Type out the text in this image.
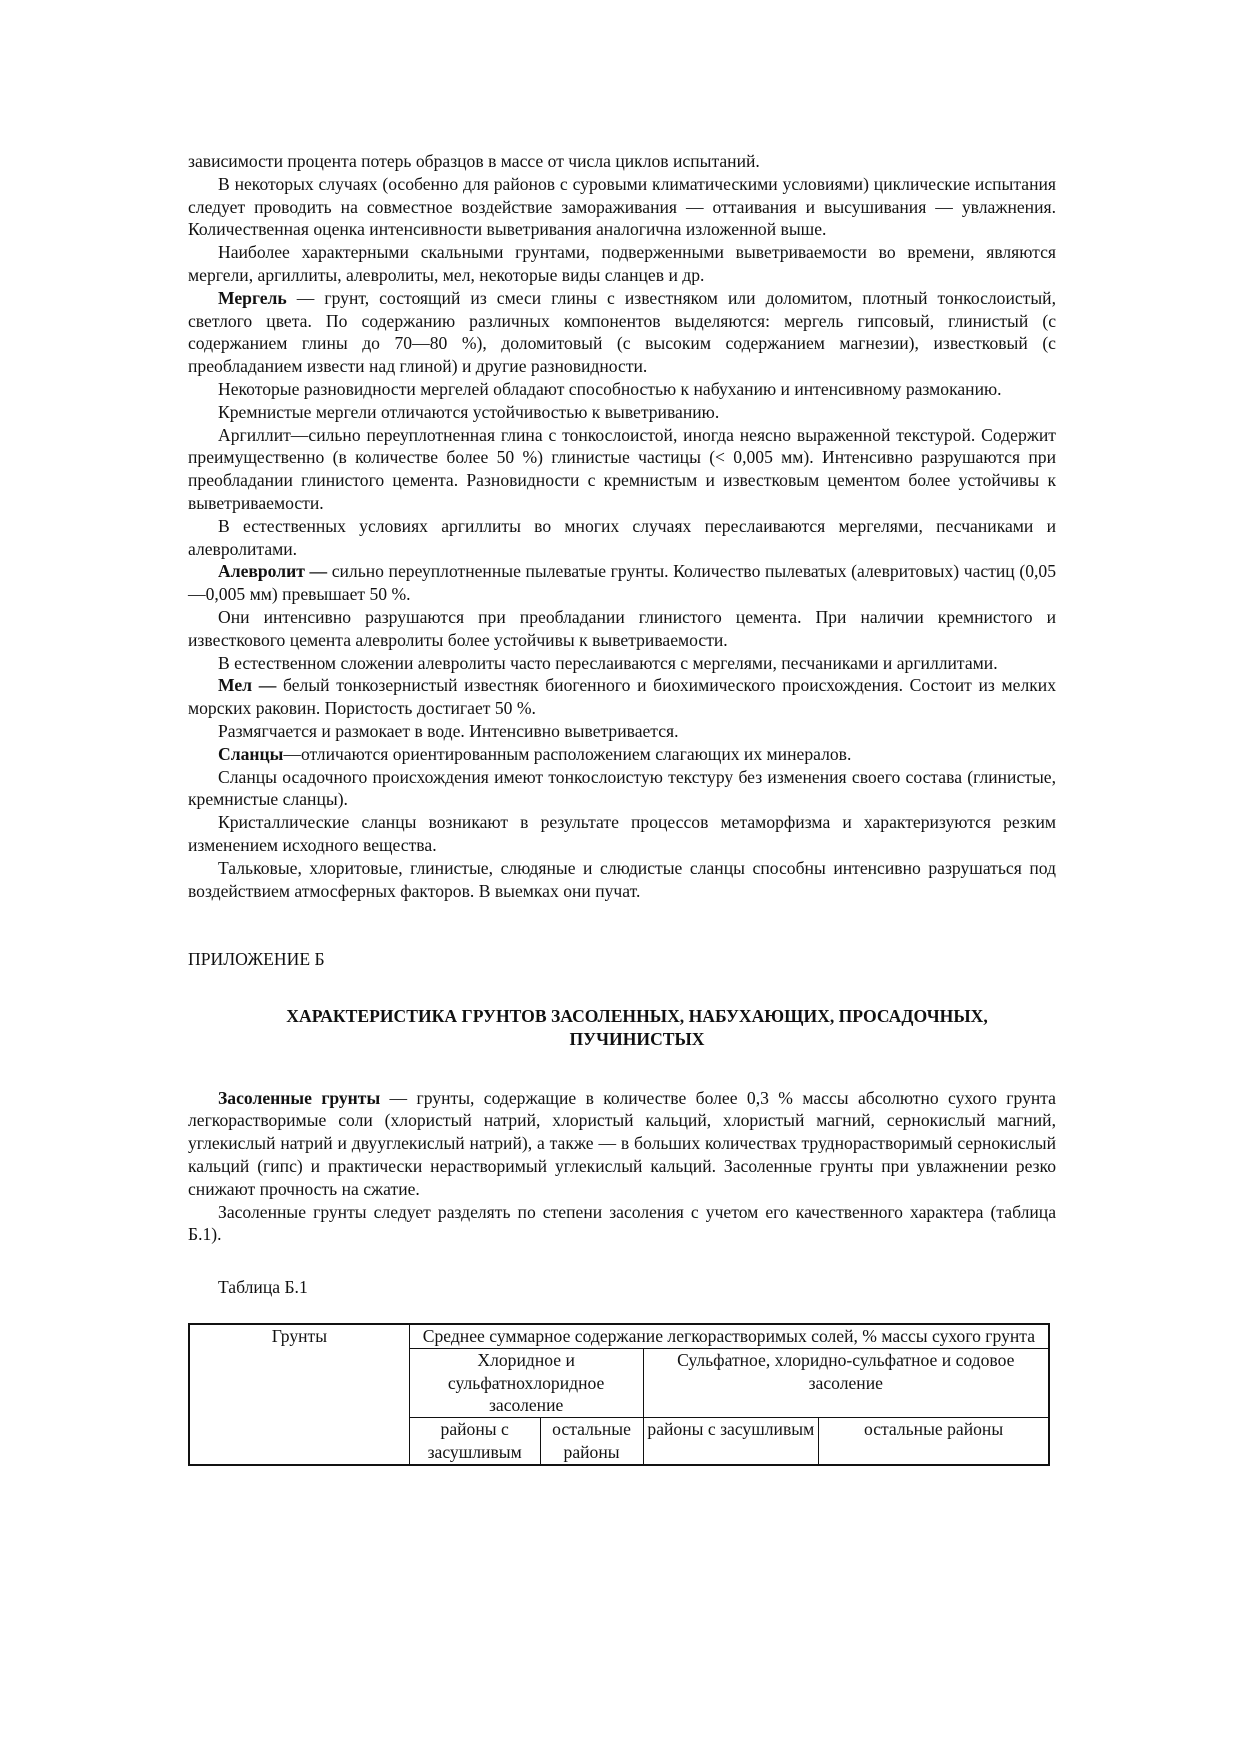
зависимости процента потерь образцов в массе от числа циклов испытаний.

В некоторых случаях (особенно для районов с суровыми климатическими условиями) циклические испытания следует проводить на совместное воздействие замораживания — оттаивания и высушивания — увлажнения. Количественная оценка интенсивности выветривания аналогична изложенной выше.

Наиболее характерными скальными грунтами, подверженными выветриваемости во времени, являются мергели, аргиллиты, алевролиты, мел, некоторые виды сланцев и др.

Мергель — грунт, состоящий из смеси глины с известняком или доломитом, плотный тонкослоистый, светлого цвета. По содержанию различных компонентов выделяются: мергель гипсовый, глинистый (с содержанием глины до 70—80 %), доломитовый (с высоким содержанием магнезии), известковый (с преобладанием извести над глиной) и другие разновидности.

Некоторые разновидности мергелей обладают способностью к набуханию и интенсивному размоканию.

Кремнистые мергели отличаются устойчивостью к выветриванию.

Аргиллит—сильно переуплотненная глина с тонкослоистой, иногда неясно выраженной текстурой. Содержит преимущественно (в количестве более 50 %) глинистые частицы (< 0,005 мм). Интенсивно разрушаются при преобладании глинистого цемента. Разновидности с кремнистым и известковым цементом более устойчивы к выветриваемости.

В естественных условиях аргиллиты во многих случаях переслаиваются мергелями, песчаниками и алевролитами.

Алевролит — сильно переуплотненные пылеватые грунты. Количество пылеватых (алевритовых) частиц (0,05—0,005 мм) превышает 50 %.

Они интенсивно разрушаются при преобладании глинистого цемента. При наличии кремнистого и известкового цемента алевролиты более устойчивы к выветриваемости.

В естественном сложении алевролиты часто переслаиваются с мергелями, песчаниками и аргиллитами.

Мел — белый тонкозернистый известняк биогенного и биохимического происхождения. Состоит из мелких морских раковин. Пористость достигает 50 %.

Размягчается и размокает в воде. Интенсивно выветривается.

Сланцы—отличаются ориентированным расположением слагающих их минералов.

Сланцы осадочного происхождения имеют тонкослоистую текстуру без изменения своего состава (глинистые, кремнистые сланцы).

Кристаллические сланцы возникают в результате процессов метаморфизма и характеризуются резким изменением исходного вещества.

Тальковые, хлоритовые, глинистые, слюдяные и слюдистые сланцы способны интенсивно разрушаться под воздействием атмосферных факторов. В выемках они пучат.

ПРИЛОЖЕНИЕ Б

ХАРАКТЕРИСТИКА ГРУНТОВ ЗАСОЛЕННЫХ, НАБУХАЮЩИХ, ПРОСАДОЧНЫХ, ПУЧИНИСТЫХ

Засоленные грунты — грунты, содержащие в количестве более 0,3 % массы абсолютно сухого грунта легкорастворимые соли (хлористый натрий, хлористый кальций, хлористый магний, сернокислый магний, углекислый натрий и двууглекислый натрий), а также — в больших количествах труднорастворимый сернокислый кальций (гипс) и практически нерастворимый углекислый кальций. Засоленные грунты при увлажнении резко снижают прочность на сжатие.

Засоленные грунты следует разделять по степени засоления с учетом его качественного характера (таблица Б.1).

Таблица Б.1

Грунты	Среднее суммарное содержание легкорастворимых солей, % массы сухого грунта			
	Хлоридное и сульфатнохлоридное засоление		Сульфатное, хлоридно-сульфатное и содовое засоление	
	районы с засушливым	остальные районы	районы с засушливым	остальные районы
